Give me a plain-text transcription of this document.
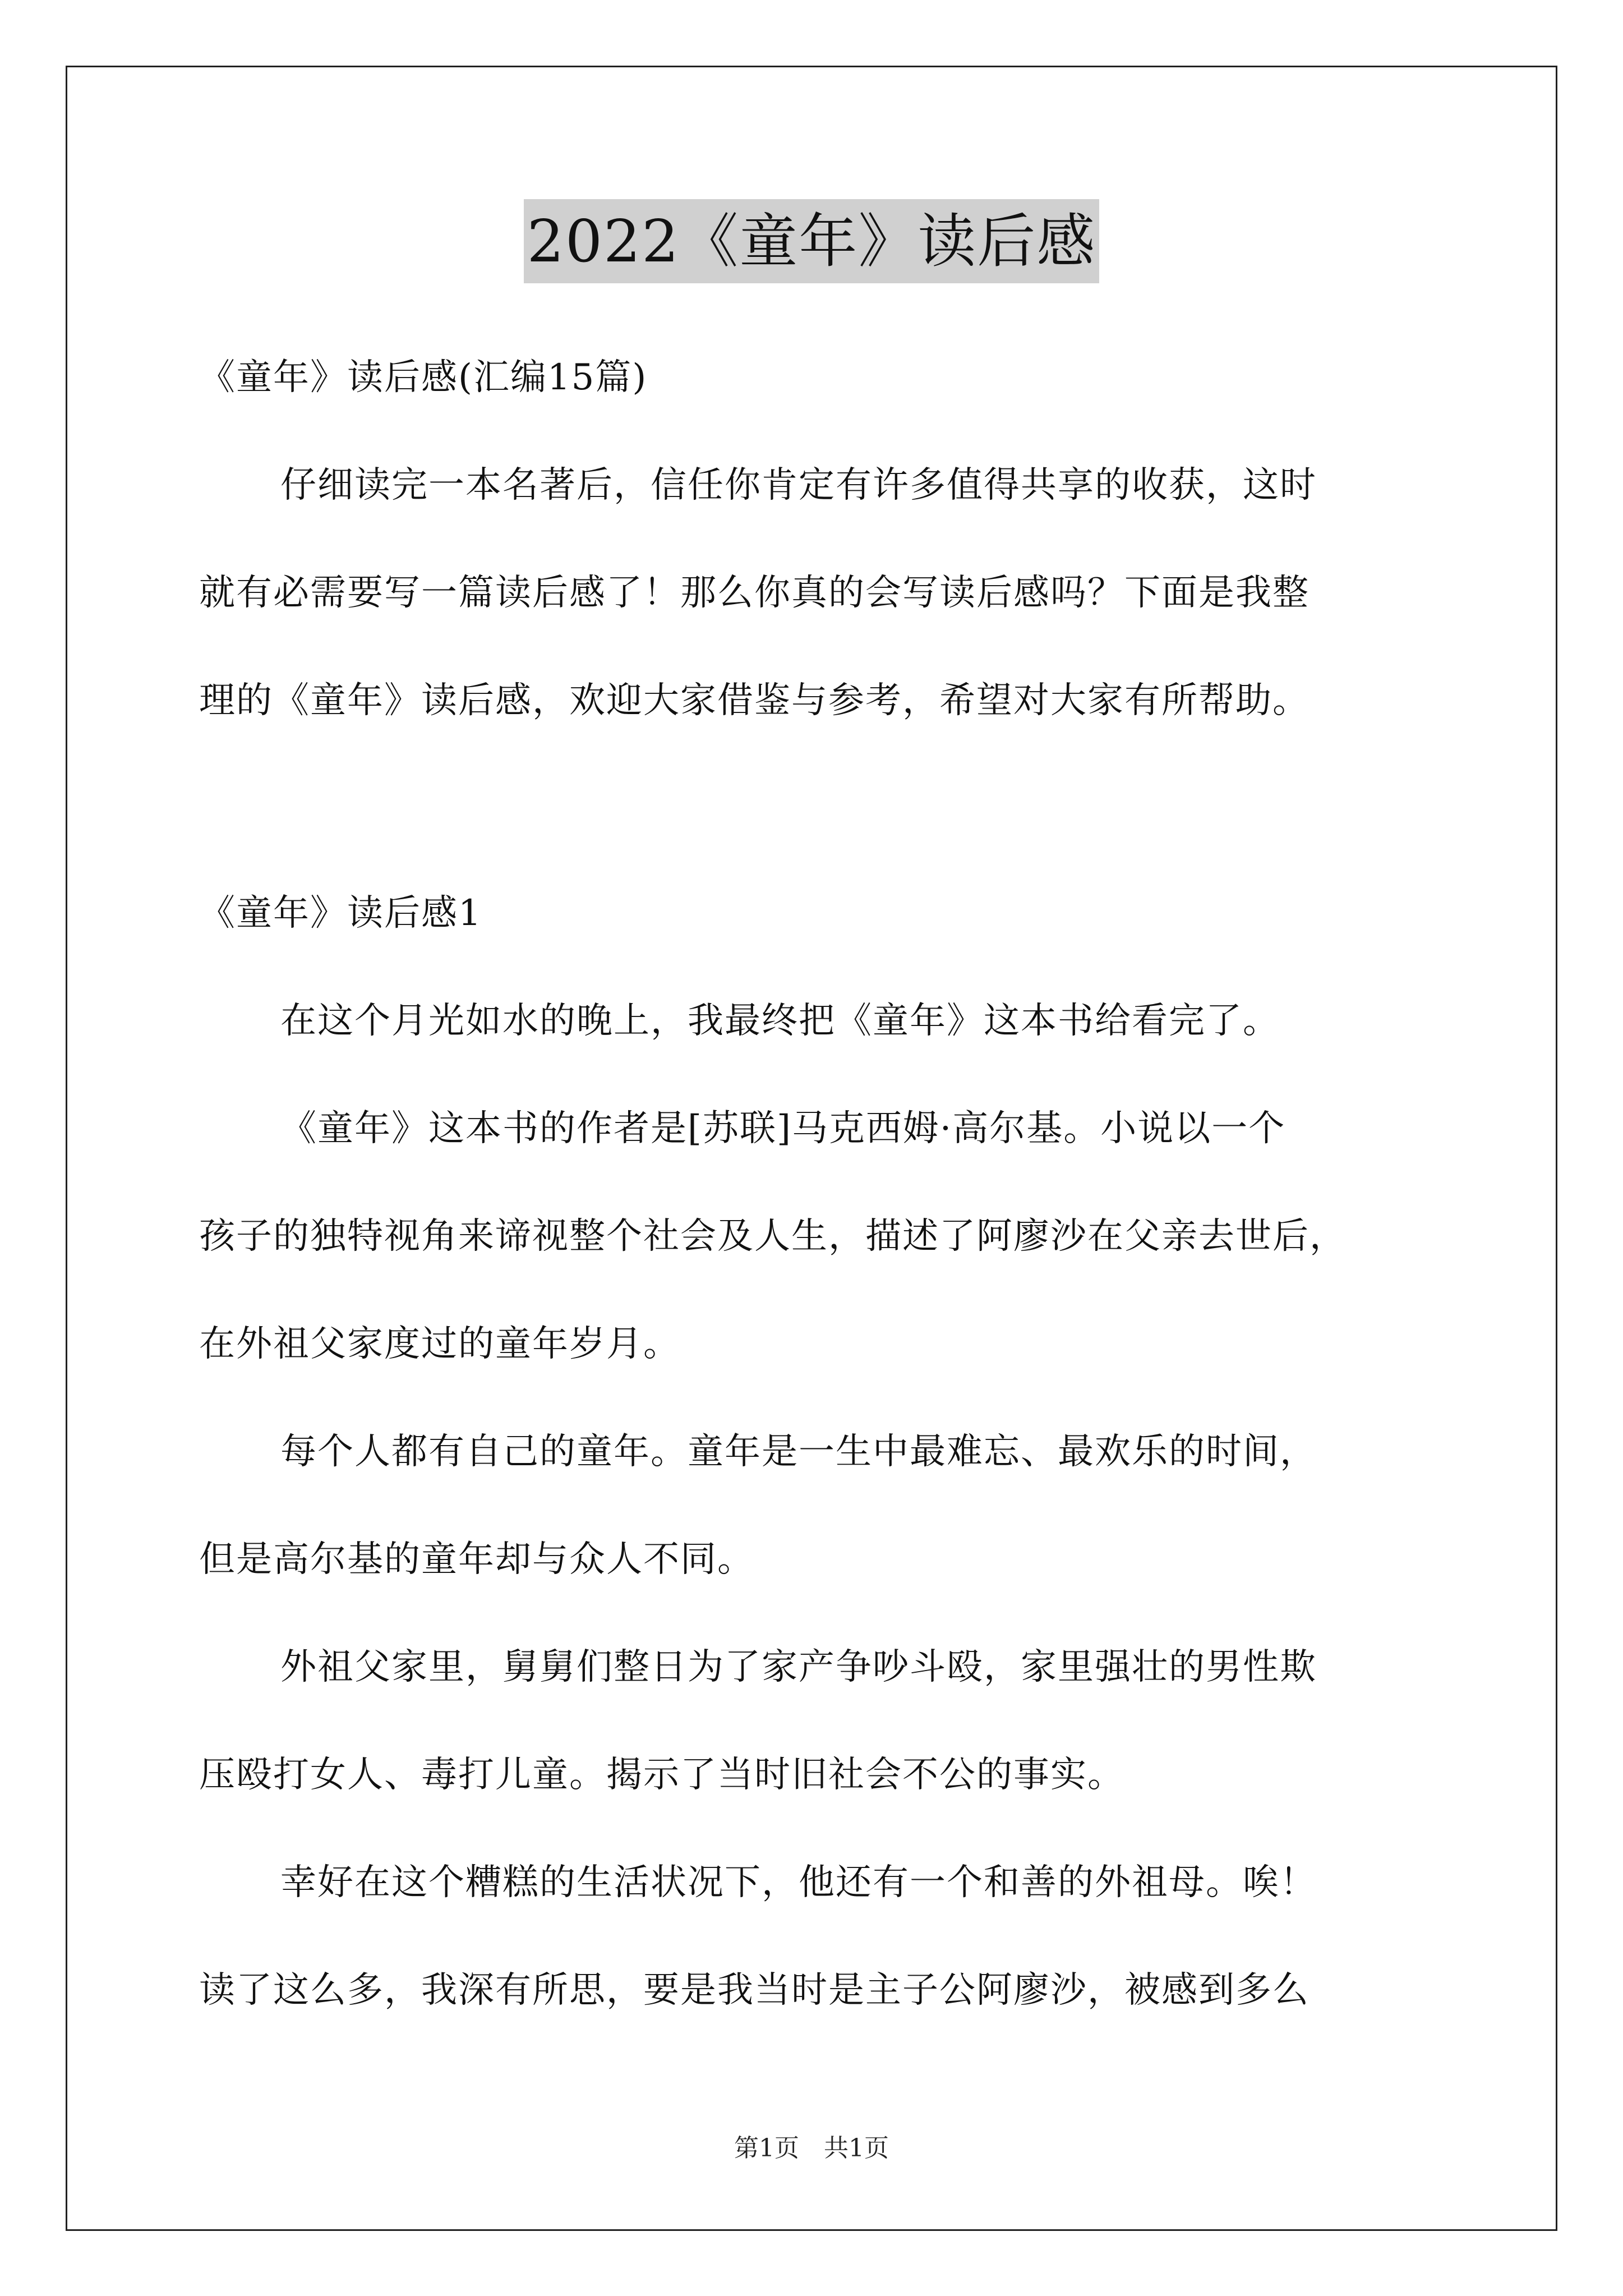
2022《童年》读后感
《童年》读后感(汇编15篇)
仔细读完一本名著后，信任你肯定有许多值得共享的收获，这时
就有必需要写一篇读后感了！那么你真的会写读后感吗？下面是我整
理的《童年》读后感，欢迎大家借鉴与参考，希望对大家有所帮助。
《童年》读后感1
在这个月光如水的晚上，我最终把《童年》这本书给看完了。
《童年》这本书的作者是[苏联]马克西姆·高尔基。小说以一个
孩子的独特视角来谛视整个社会及人生，描述了阿廖沙在父亲去世后，
在外祖父家度过的童年岁月。
每个人都有自己的童年。童年是一生中最难忘、最欢乐的时间，
但是高尔基的童年却与众人不同。
外祖父家里，舅舅们整日为了家产争吵斗殴，家里强壮的男性欺
压殴打女人、毒打儿童。揭示了当时旧社会不公的事实。
幸好在这个糟糕的生活状况下，他还有一个和善的外祖母。唉！
读了这么多，我深有所思，要是我当时是主子公阿廖沙，被感到多么
第1页　共1页
